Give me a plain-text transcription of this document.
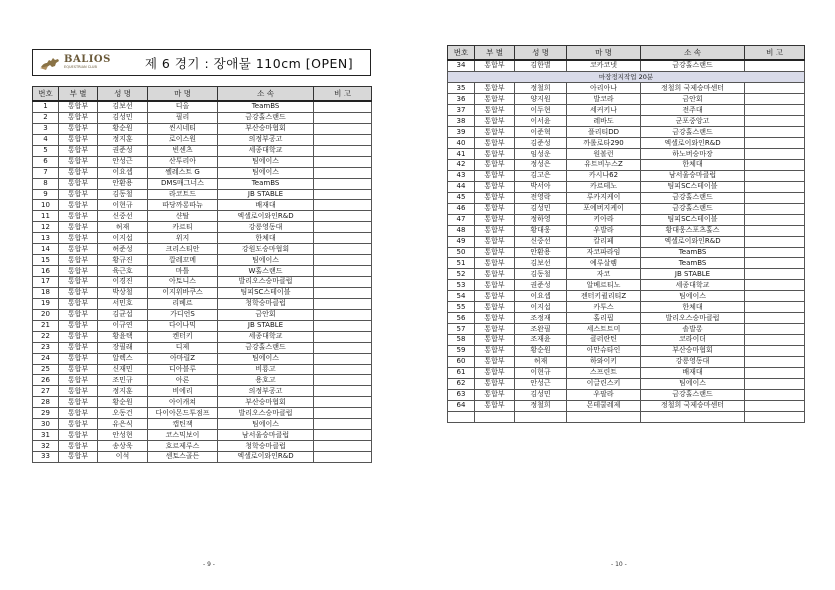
BALIOS
EQUESTRIAN CLUB	제 6 경기 : 장애물 110cm [OPEN]
번호	부 별	성 명	마 명	소 속	비 고
1	통합부	김보선	디올	TeamBS	
2	통합부	김성민	필리	금강홀스랜드	
3	통합부	황순원	씬시네티	부산승마협회	
4	통합부	정지훈	로이스원	의정부공고	
5	통합부	권준성	빈센츠	세종대학교	
6	통합부	안성근	산투리아	팀에이스	
7	통합부	이요셉	쎌레스트 G	팀에이스	
8	통합부	안환용	DMS매그너스	TeamBS	
9	통합부	김동철	라코트드	JB STABLE	
10	통합부	이현규	따당까롱따뉴	배재대	
11	통합부	신중선	샨탈	엑셀로이와인R&D	
12	통합부	허재	카르티	강릉영동대	
13	통합부	이지섭	위지	한체대	
14	통합부	허준성	크리스티안	강원도승마협회	
15	통합부	황규진	깔레꼬메	팀에이스	
16	통합부	육근호	마틀	W홀스랜드	
17	통합부	이경진	아토니스	발리오스승마클럽	
18	통합부	박상철	이지위바쿠스	팀피SC스테이블	
19	통합부	서민호	리베르	청학승마클럽	
20	통합부	김균섭	가디언S	금안회	
21	통합부	이규연	다이나믹	JB STABLE	
22	통합부	황윤택	켄터키	세종대학교	
23	통합부	장필래	디제	금강홀스랜드	
24	통합부	알렉스	아마릴Z	팀에이스	
25	통합부	신재민	디아블루	비룡고	
26	통합부	조민규	아론	용호고	
27	통합부	정지훈	비에리	의정부공고	
28	통합부	황순원	아이캐쳐	부산승마협회	
29	통합부	오동건	다이아몬드투점프	발리오스승마클럽	
30	통합부	유은식	캡틴잭	팀에이스	
31	통합부	안성현	코스믹보이	남서울승마클럽	
32	통합부	송상욱	호르제루스	청학승마클럽	
33	통합부	이석	센토스골든	엑셀로이와인R&D	
- 9 -
번호	부 별	성 명	마 명	소 속	비 고
34	통합부	김한별	코카코넷	금강홀스랜드	
마장정지작업 20분					
35	통합부	정철희	아리아나	정철희 국제승마센터	
36	통합부	양지원	발코라	금안회	
37	통합부	이두현	세커키나	전주대	
38	통합부	이서윤	레바도	군포중앙고	
39	통합부	이준혁	플리티DD	금강홀스랜드	
40	통합부	김준성	까롤로타290	엑셀로이와인R&D	
41	통합부	임성운	원볼런	하노버승마장	
42	통합부	정성은	유트비누스Z	한체대	
43	통합부	김고은	카시나62	남서울승마클럽	
44	통합부	박서아	카르테노	팀피SC스테이블	
45	통합부	전영락	루카지케이	금강홀스랜드	
46	통합부	김성민	포에버지케이	금강홀스랜드	
47	통합부	정하영	키아라	팀피SC스테이블	
48	통합부	황대웅	우발라	황대웅스포츠홀스	
49	통합부	신중선	칼리페	엑셀로이와인R&D	
50	통합부	안환용	자코파라임	TeamBS	
51	통합부	김보선	예루살렘	TeamBS	
52	통합부	김동철	자코	JB STABLE	
53	통합부	권준성	알베르티노	세종대학교	
54	통합부	이요셉	젠터키퀼리티Z	팀에이스	
55	통합부	이지섭	카투스	한체대	
56	통합부	조정재	홀리핍	발리오스승마클럽	
57	통합부	조완필	세스트트미	솔발롱	
58	통합부	조재윤	클러란틴	코라이더	
59	통합부	황순원	아만슈타인	부산승마협회	
60	통합부	허재	하와이키	강릉영동대	
61	통합부	이현규	스프린트	배재대	
62	통합부	안성근	이글린스키	팀에이스	
63	통합부	김성민	우팔라	금강홀스랜드	
64	통합부	정철희	몬테쿨레제	정철희 국제승마센터	

- 10 -
